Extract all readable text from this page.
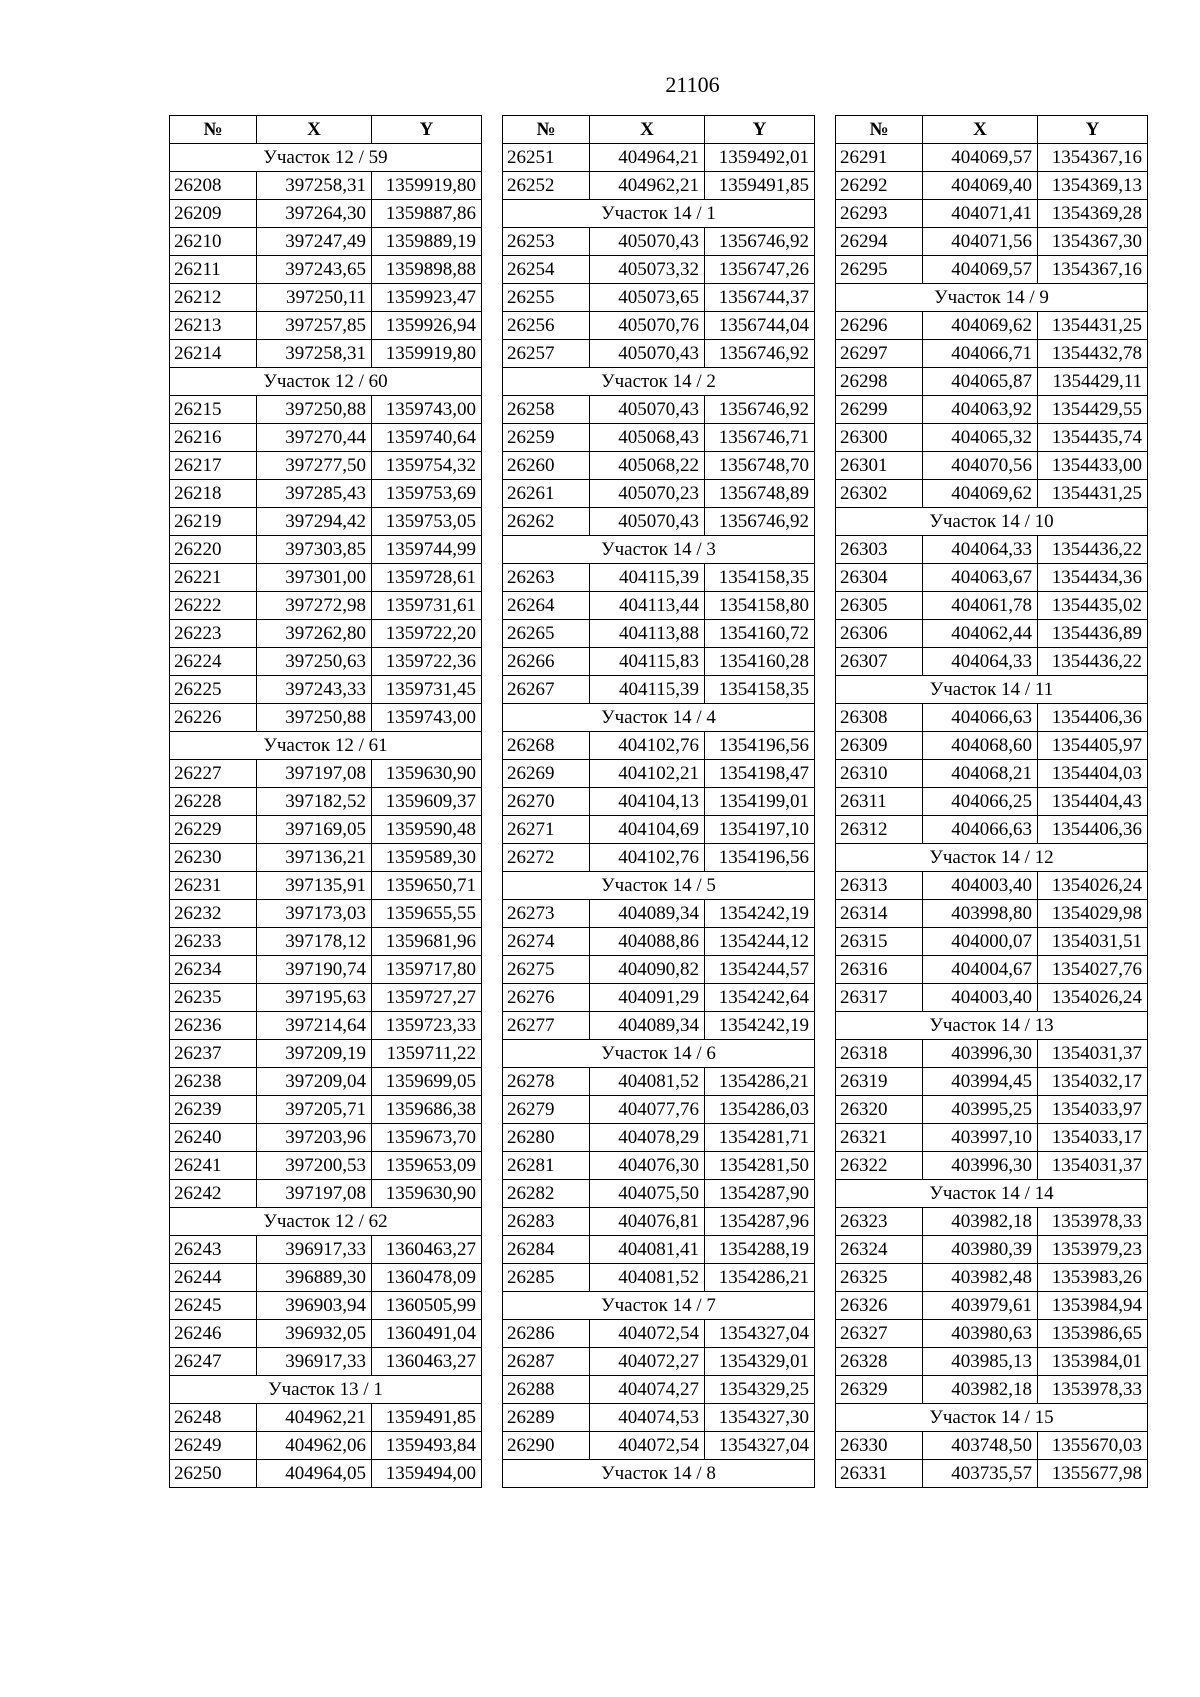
21106
№	X	Y
Участок 12 / 59		
26208	397258,31	1359919,80
26209	397264,30	1359887,86
26210	397247,49	1359889,19
26211	397243,65	1359898,88
26212	397250,11	1359923,47
26213	397257,85	1359926,94
26214	397258,31	1359919,80
Участок 12 / 60		
26215	397250,88	1359743,00
26216	397270,44	1359740,64
26217	397277,50	1359754,32
26218	397285,43	1359753,69
26219	397294,42	1359753,05
26220	397303,85	1359744,99
26221	397301,00	1359728,61
26222	397272,98	1359731,61
26223	397262,80	1359722,20
26224	397250,63	1359722,36
26225	397243,33	1359731,45
26226	397250,88	1359743,00
Участок 12 / 61		
26227	397197,08	1359630,90
26228	397182,52	1359609,37
26229	397169,05	1359590,48
26230	397136,21	1359589,30
26231	397135,91	1359650,71
26232	397173,03	1359655,55
26233	397178,12	1359681,96
26234	397190,74	1359717,80
26235	397195,63	1359727,27
26236	397214,64	1359723,33
26237	397209,19	1359711,22
26238	397209,04	1359699,05
26239	397205,71	1359686,38
26240	397203,96	1359673,70
26241	397200,53	1359653,09
26242	397197,08	1359630,90
Участок 12 / 62		
26243	396917,33	1360463,27
26244	396889,30	1360478,09
26245	396903,94	1360505,99
26246	396932,05	1360491,04
26247	396917,33	1360463,27
Участок 13 / 1		
26248	404962,21	1359491,85
26249	404962,06	1359493,84
26250	404964,05	1359494,00
№	X	Y
26251	404964,21	1359492,01
26252	404962,21	1359491,85
Участок 14 / 1		
26253	405070,43	1356746,92
26254	405073,32	1356747,26
26255	405073,65	1356744,37
26256	405070,76	1356744,04
26257	405070,43	1356746,92
Участок 14 / 2		
26258	405070,43	1356746,92
26259	405068,43	1356746,71
26260	405068,22	1356748,70
26261	405070,23	1356748,89
26262	405070,43	1356746,92
Участок 14 / 3		
26263	404115,39	1354158,35
26264	404113,44	1354158,80
26265	404113,88	1354160,72
26266	404115,83	1354160,28
26267	404115,39	1354158,35
Участок 14 / 4		
26268	404102,76	1354196,56
26269	404102,21	1354198,47
26270	404104,13	1354199,01
26271	404104,69	1354197,10
26272	404102,76	1354196,56
Участок 14 / 5		
26273	404089,34	1354242,19
26274	404088,86	1354244,12
26275	404090,82	1354244,57
26276	404091,29	1354242,64
26277	404089,34	1354242,19
Участок 14 / 6		
26278	404081,52	1354286,21
26279	404077,76	1354286,03
26280	404078,29	1354281,71
26281	404076,30	1354281,50
26282	404075,50	1354287,90
26283	404076,81	1354287,96
26284	404081,41	1354288,19
26285	404081,52	1354286,21
Участок 14 / 7		
26286	404072,54	1354327,04
26287	404072,27	1354329,01
26288	404074,27	1354329,25
26289	404074,53	1354327,30
26290	404072,54	1354327,04
Участок 14 / 8		
№	X	Y
26291	404069,57	1354367,16
26292	404069,40	1354369,13
26293	404071,41	1354369,28
26294	404071,56	1354367,30
26295	404069,57	1354367,16
Участок 14 / 9		
26296	404069,62	1354431,25
26297	404066,71	1354432,78
26298	404065,87	1354429,11
26299	404063,92	1354429,55
26300	404065,32	1354435,74
26301	404070,56	1354433,00
26302	404069,62	1354431,25
Участок 14 / 10		
26303	404064,33	1354436,22
26304	404063,67	1354434,36
26305	404061,78	1354435,02
26306	404062,44	1354436,89
26307	404064,33	1354436,22
Участок 14 / 11		
26308	404066,63	1354406,36
26309	404068,60	1354405,97
26310	404068,21	1354404,03
26311	404066,25	1354404,43
26312	404066,63	1354406,36
Участок 14 / 12		
26313	404003,40	1354026,24
26314	403998,80	1354029,98
26315	404000,07	1354031,51
26316	404004,67	1354027,76
26317	404003,40	1354026,24
Участок 14 / 13		
26318	403996,30	1354031,37
26319	403994,45	1354032,17
26320	403995,25	1354033,97
26321	403997,10	1354033,17
26322	403996,30	1354031,37
Участок 14 / 14		
26323	403982,18	1353978,33
26324	403980,39	1353979,23
26325	403982,48	1353983,26
26326	403979,61	1353984,94
26327	403980,63	1353986,65
26328	403985,13	1353984,01
26329	403982,18	1353978,33
Участок 14 / 15		
26330	403748,50	1355670,03
26331	403735,57	1355677,98
